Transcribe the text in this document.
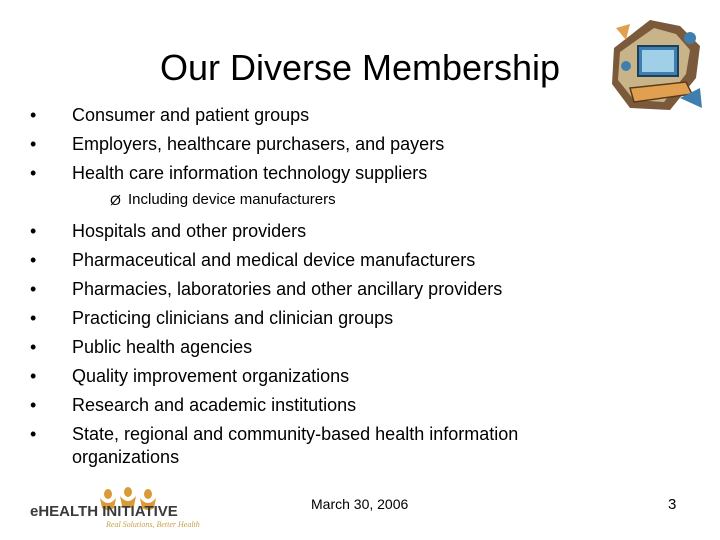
Our Diverse Membership
•	Consumer and patient groups
•	Employers, healthcare purchasers, and payers
•	Health care information technology suppliers
Ø Including device manufacturers
•	Hospitals and other providers
•	Pharmaceutical and medical device manufacturers
•	Pharmacies, laboratories and other ancillary providers
•	Practicing clinicians and clinician groups
•	Public health agencies
•	Quality improvement organizations
•	Research and academic institutions
•	State, regional and community-based health information
organizations
eHEALTH INITIATIVE
Real Solutions, Better Health
March 30, 2006	3
